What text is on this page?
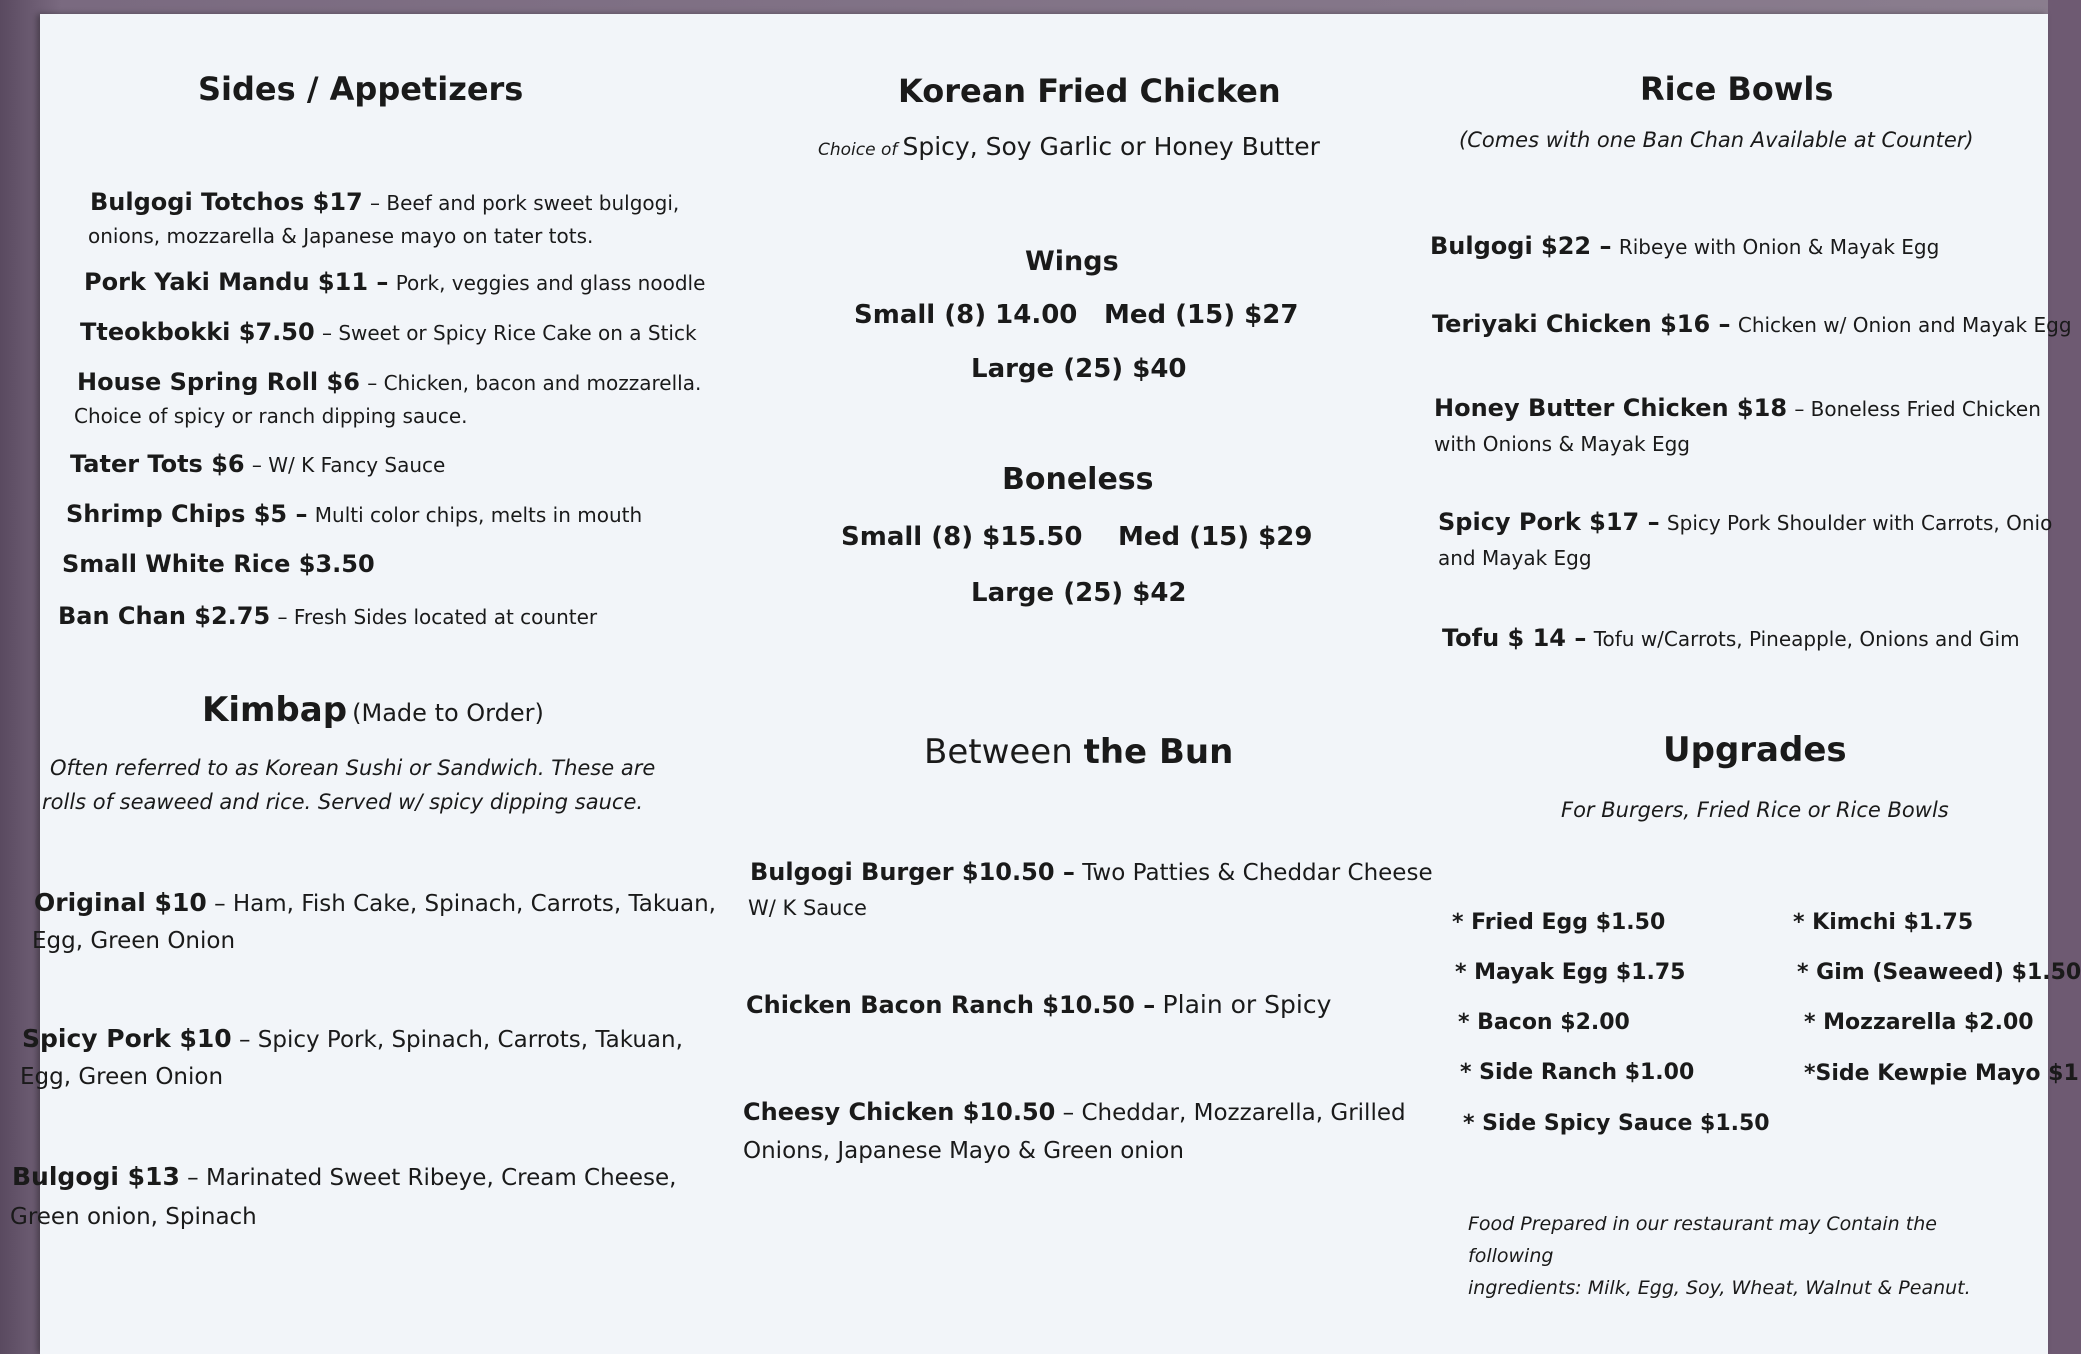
Sides / Appetizers
Bulgogi Totchos $17 – Beef and pork sweet bulgogi,
onions, mozzarella & Japanese mayo on tater tots.
Pork Yaki Mandu $11 – Pork, veggies and glass noodle
Tteokbokki $7.50 – Sweet or Spicy Rice Cake on a Stick
House Spring Roll $6 – Chicken, bacon and mozzarella.
Choice of spicy or ranch dipping sauce.
Tater Tots $6 – W/ K Fancy Sauce
Shrimp Chips $5 – Multi color chips, melts in mouth
Small White Rice $3.50
Ban Chan $2.75 – Fresh Sides located at counter
Kimbap (Made to Order)
Often referred to as Korean Sushi or Sandwich. These are
rolls of seaweed and rice. Served w/ spicy dipping sauce.
Original $10 – Ham, Fish Cake, Spinach, Carrots, Takuan,
Egg, Green Onion
Spicy Pork $10 – Spicy Pork, Spinach, Carrots, Takuan,
Egg, Green Onion
Bulgogi $13 – Marinated Sweet Ribeye, Cream Cheese,
Green onion, Spinach
Korean Fried Chicken
Choice of Spicy, Soy Garlic or Honey Butter
Wings
Small (8) 14.00 Med (15) $27
Large (25) $40
Boneless
Small (8) $15.50 Med (15) $29
Large (25) $42
Between the Bun
Bulgogi Burger $10.50 – Two Patties & Cheddar Cheese
W/ K Sauce
Chicken Bacon Ranch $10.50 – Plain or Spicy
Cheesy Chicken $10.50 – Cheddar, Mozzarella, Grilled
Onions, Japanese Mayo & Green onion
Rice Bowls
(Comes with one Ban Chan Available at Counter)
Bulgogi $22 – Ribeye with Onion & Mayak Egg
Teriyaki Chicken $16 – Chicken w/ Onion and Mayak Egg
Honey Butter Chicken $18 – Boneless Fried Chicken
with Onions & Mayak Egg
Spicy Pork $17 – Spicy Pork Shoulder with Carrots, Onio
and Mayak Egg
Tofu $ 14 – Tofu w/Carrots, Pineapple, Onions and Gim
Upgrades
For Burgers, Fried Rice or Rice Bowls
* Fried Egg $1.50
* Mayak Egg $1.75
* Bacon $2.00
* Side Ranch $1.00
* Side Spicy Sauce $1.50
* Kimchi $1.75
* Gim (Seaweed) $1.50
* Mozzarella $2.00
*Side Kewpie Mayo $1
Food Prepared in our restaurant may Contain the following
ingredients: Milk, Egg, Soy, Wheat, Walnut & Peanut.
